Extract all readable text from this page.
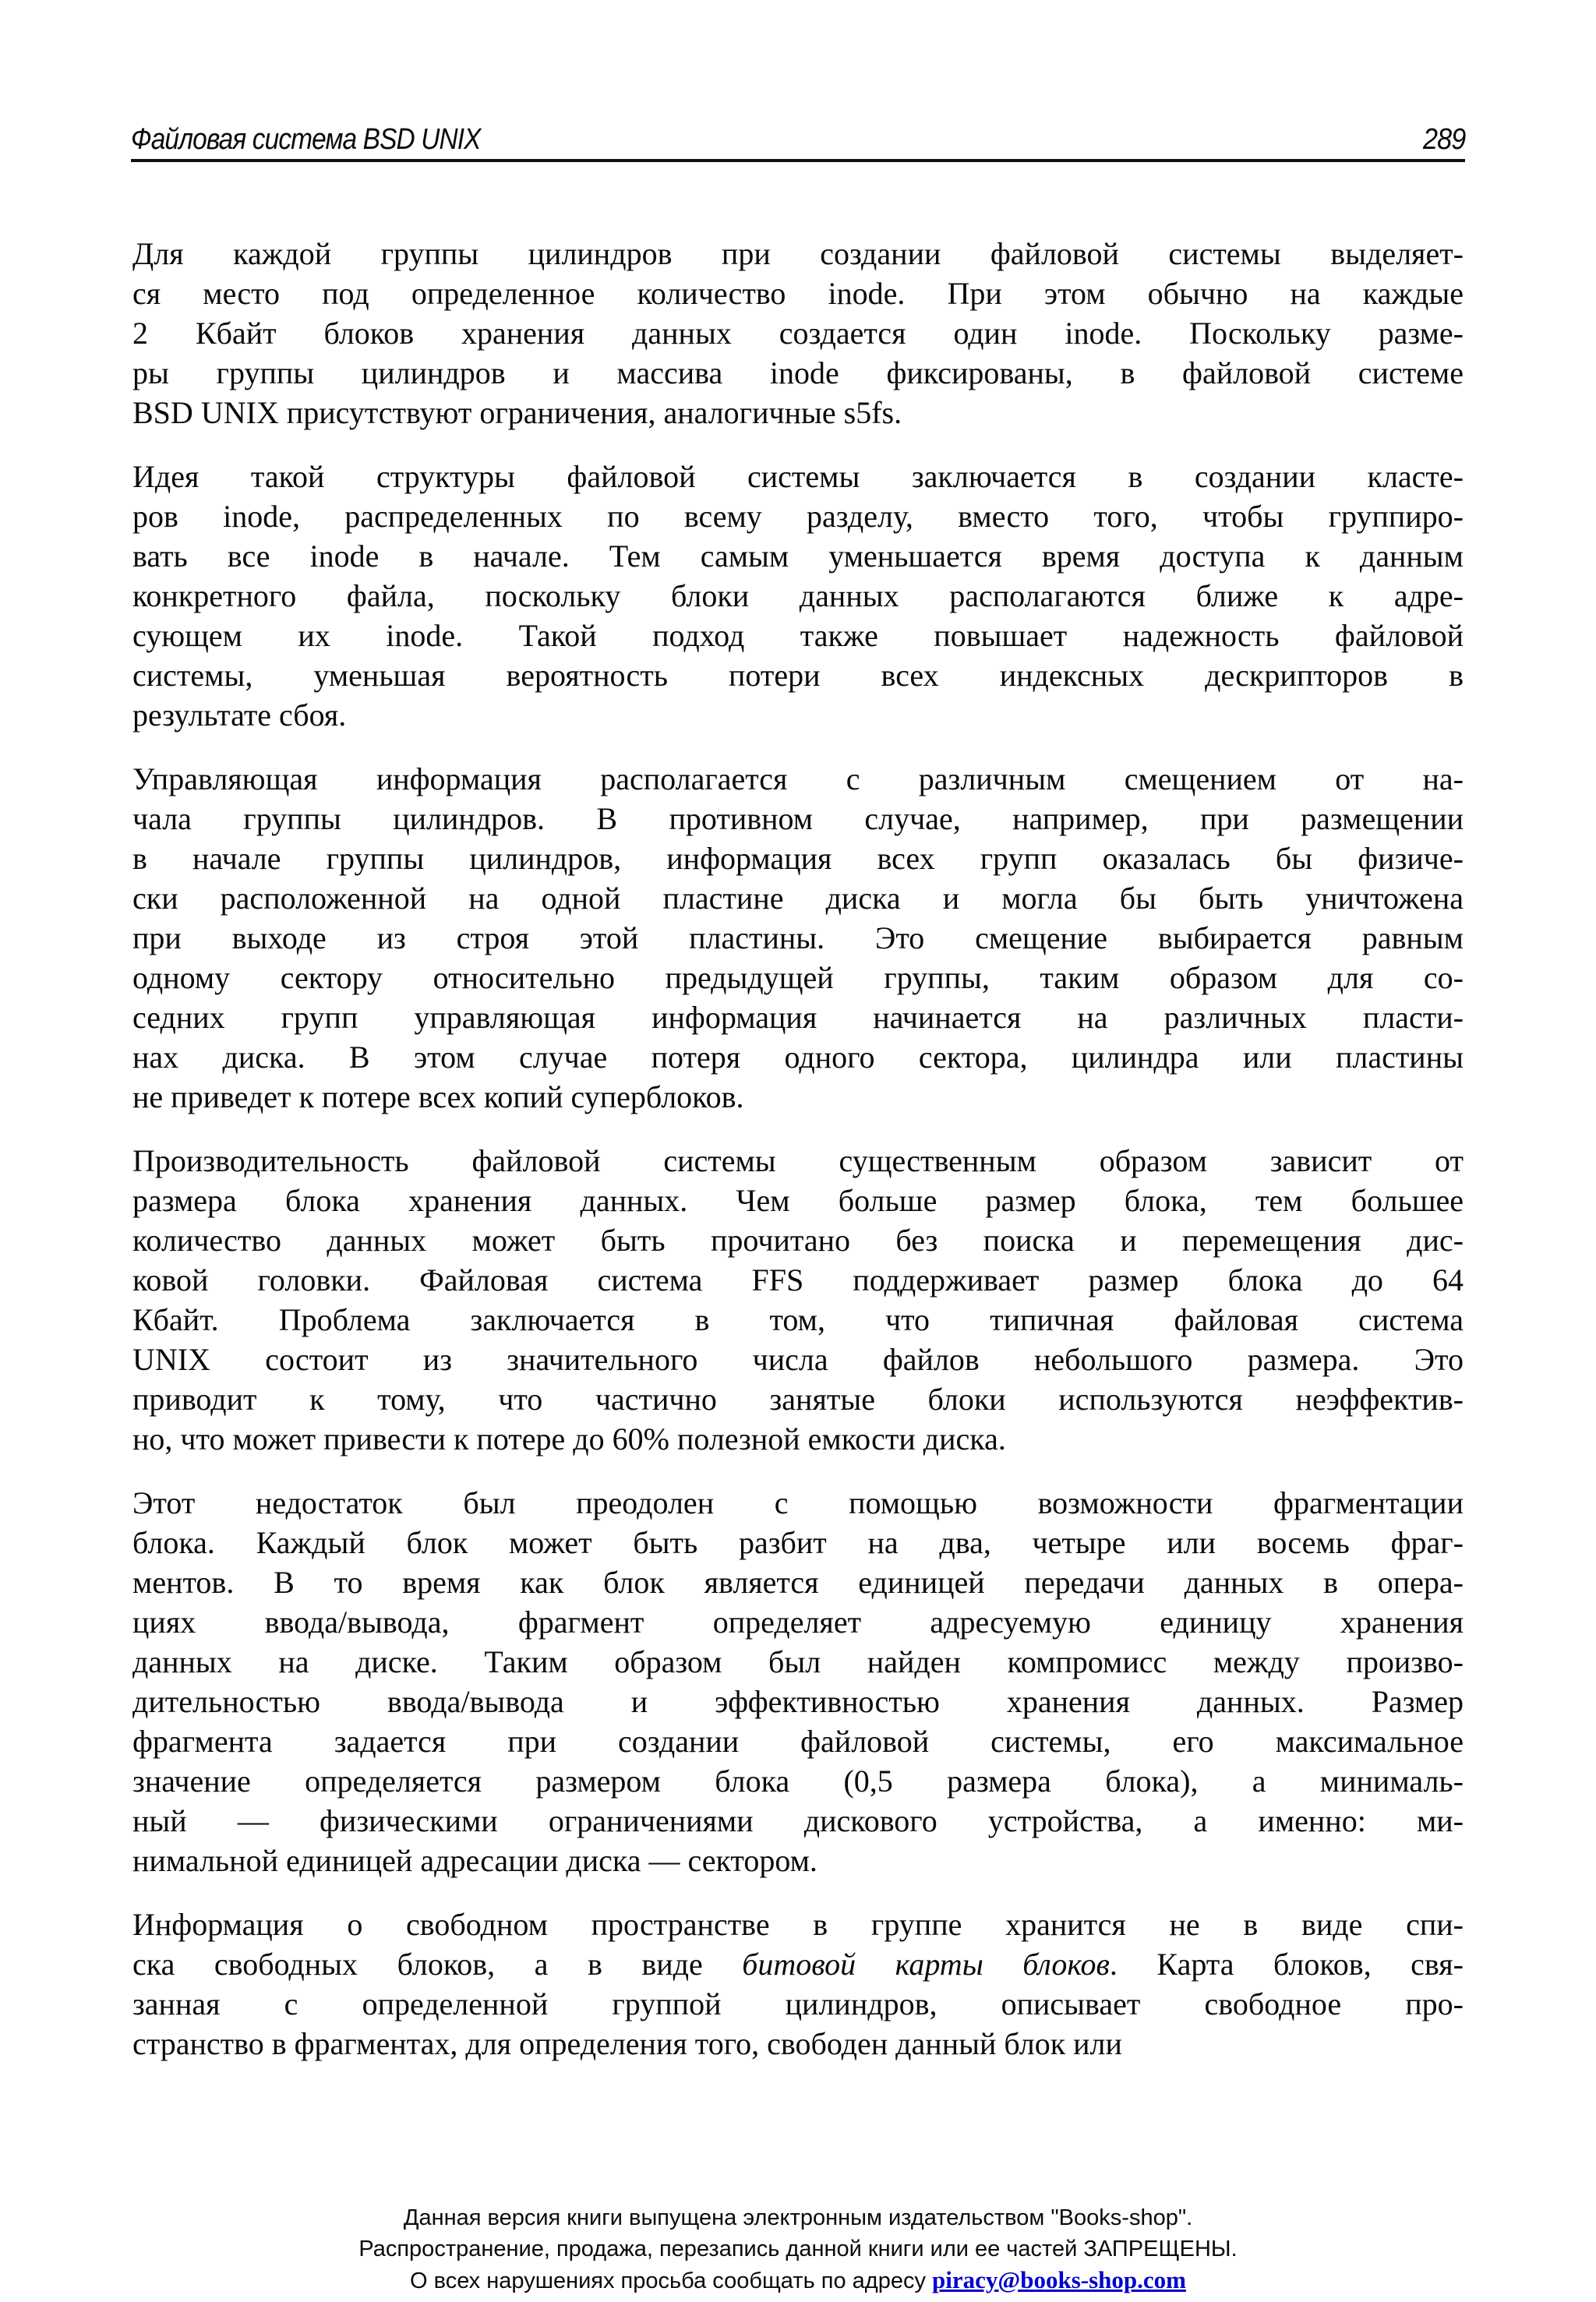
Файловая система BSD UNIX	289
Для каждой группы цилиндров при создании файловой системы выделяет-
ся место под определенное количество inode. При этом обычно на каждые
2 Кбайт блоков хранения данных создается один inode. Поскольку разме-
ры группы цилиндров и массива inode фиксированы, в файловой системе
BSD UNIX присутствуют ограничения, аналогичные s5fs.
Идея такой структуры файловой системы заключается в создании класте-
ров inode, распределенных по всему разделу, вместо того, чтобы группиро-
вать все inode в начале. Тем самым уменьшается время доступа к данным
конкретного файла, поскольку блоки данных располагаются ближе к адре-
сующем их inode. Такой подход также повышает надежность файловой
системы, уменьшая вероятность потери всех индексных дескрипторов в
результате сбоя.
Управляющая информация располагается с различным смещением от на-
чала группы цилиндров. В противном случае, например, при размещении
в начале группы цилиндров, информация всех групп оказалась бы физиче-
ски расположенной на одной пластине диска и могла бы быть уничтожена
при выходе из строя этой пластины. Это смещение выбирается равным
одному сектору относительно предыдущей группы, таким образом для со-
седних групп управляющая информация начинается на различных пласти-
нах диска. В этом случае потеря одного сектора, цилиндра или пластины
не приведет к потере всех копий суперблоков.
Производительность файловой системы существенным образом зависит от
размера блока хранения данных. Чем больше размер блока, тем большее
количество данных может быть прочитано без поиска и перемещения дис-
ковой головки. Файловая система FFS поддерживает размер блока до 64
Кбайт. Проблема заключается в том, что типичная файловая система
UNIX состоит из значительного числа файлов небольшого размера. Это
приводит к тому, что частично занятые блоки используются неэффектив-
но, что может привести к потере до 60% полезной емкости диска.
Этот недостаток был преодолен с помощью возможности фрагментации
блока. Каждый блок может быть разбит на два, четыре или восемь фраг-
ментов. В то время как блок является единицей передачи данных в опера-
циях ввода/вывода, фрагмент определяет адресуемую единицу хранения
данных на диске. Таким образом был найден компромисс между произво-
дительностью ввода/вывода и эффективностью хранения данных. Размер
фрагмента задается при создании файловой системы, его максимальное
значение определяется размером блока (0,5 размера блока), а минималь-
ный — физическими ограничениями дискового устройства, а именно: ми-
нимальной единицей адресации диска — сектором.
Информация о свободном пространстве в группе хранится не в виде спи-
ска свободных блоков, а в виде битовой карты блоков. Карта блоков, свя-
занная с определенной группой цилиндров, описывает свободное про-
странство в фрагментах, для определения того, свободен данный блок или
Данная версия книги выпущена электронным издательством "Books-shop".
Распространение, продажа, перезапись данной книги или ее частей ЗАПРЕЩЕНЫ.
О всех нарушениях просьба сообщать по адресу piracy@books-shop.com
